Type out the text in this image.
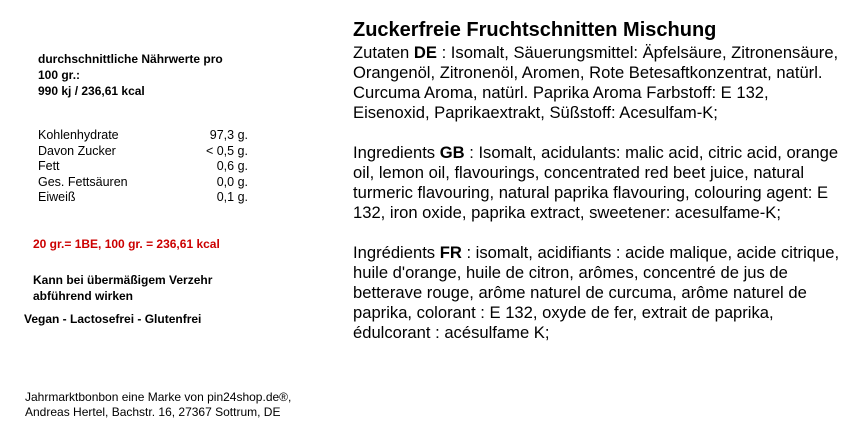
durchschnittliche Nährwerte pro
100 gr.:
990 kj / 236,61 kcal
Kohlenhydrate	97,3 g.
Davon Zucker	< 0,5 g.
Fett	0,6 g.
Ges. Fettsäuren	0,0 g.
Eiweiß	0,1 g.
20 gr.= 1BE, 100 gr. = 236,61 kcal
Kann bei übermäßigem Verzehr
abführend wirken
Vegan - Lactosefrei - Glutenfrei
Jahrmarktbonbon eine Marke von pin24shop.de®,
Andreas Hertel, Bachstr. 16, 27367 Sottrum, DE
Zuckerfreie Fruchtschnitten Mischung
Zutaten DE : Isomalt, Säuerungsmittel: Äpfelsäure, Zitronensäure, Orangenöl, Zitronenöl, Aromen, Rote Betesaftkonzentrat, natürl. Curcuma Aroma, natürl. Paprika Aroma Farbstoff: E 132, Eisenoxid, Paprikaextrakt, Süßstoff: Acesulfam-K;
Ingredients GB : Isomalt, acidulants: malic acid, citric acid, orange oil, lemon oil, flavourings, concentrated red beet juice, natural turmeric flavouring, natural paprika flavouring, colouring agent: E 132, iron oxide, paprika extract, sweetener: acesulfame-K;
Ingrédients FR : isomalt, acidifiants : acide malique, acide citrique, huile d'orange, huile de citron, arômes, concentré de jus de betterave rouge, arôme naturel de curcuma, arôme naturel de paprika, colorant : E 132, oxyde de fer, extrait de paprika, édulcorant : acésulfame K;
